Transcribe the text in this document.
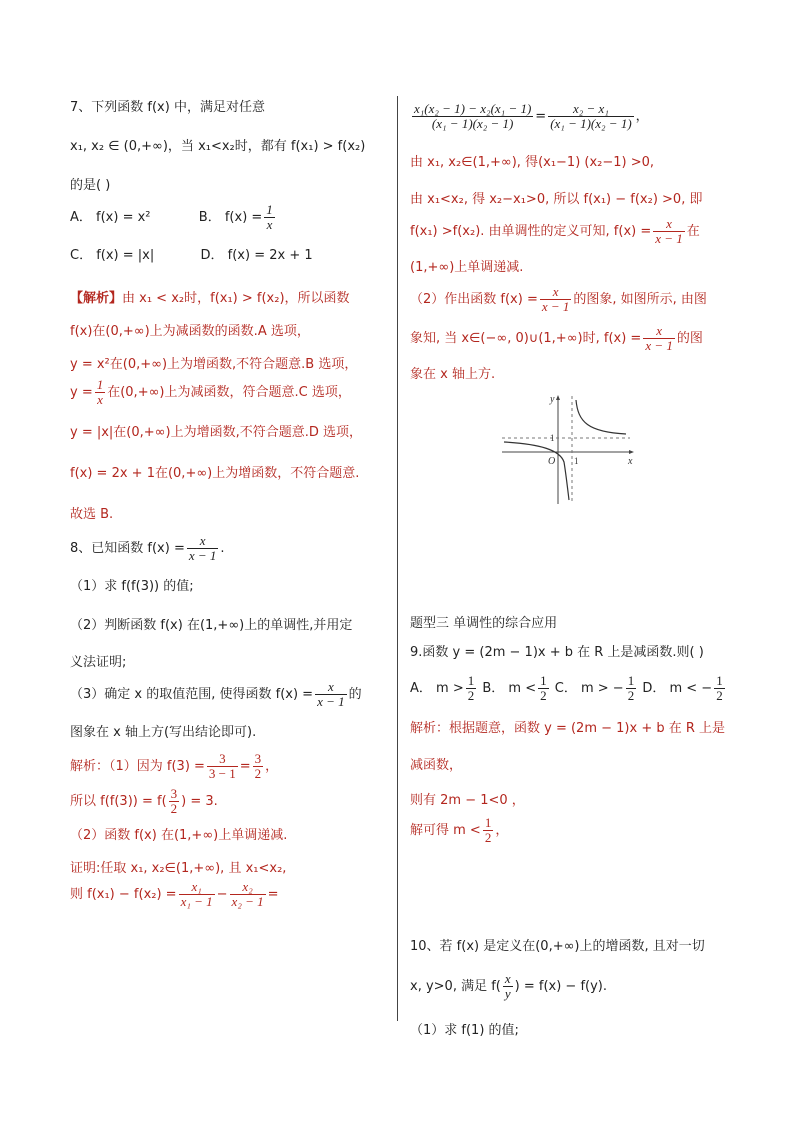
7、下列函数 f(x) 中，满足对任意
x₁, x₂ ∈ (0,+∞)，当 x₁<x₂时，都有 f(x₁) > f(x₂)
的是( )
A． f(x) = x²	B． $f(x) = \frac{1}{x}$
C． f(x) = |x|	D． f(x) = 2x + 1
【解析】由 x₁ < x₂时，f(x₁) > f(x₂)，所以函数
f(x)在(0,+∞)上为减函数的函数.A 选项，
y = x²在(0,+∞)上为增函数,不符合题意.B 选项，
$y = \frac{1}{x}$ 在(0,+∞)上为减函数，符合题意.C 选项，
y = |x|在(0,+∞)上为增函数,不符合题意.D 选项，
f(x) = 2x + 1在(0,+∞)上为增函数，不符合题意.
故选 B.
8、已知函数 $f(x) = \frac{x}{x - 1}$ .
（1）求 f(f(3)) 的值;
（2）判断函数 f(x) 在(1,+∞)上的单调性,并用定
义法证明;
（3）确定 x 的取值范围, 使得函数 $f(x) = \frac{x}{x - 1}$ 的
图象在 x 轴上方(写出结论即可).
解析：（1）因为 $f(3) = \frac{3}{3 - 1} = \frac{3}{2}$ ，
所以 $f(f(3)) = f( \frac{3}{2}$ ) = 3.
（2）函数 f(x) 在(1,+∞)上单调递减.
证明:任取 x₁, x₂∈(1,+∞), 且 x₁<x₂,
则 $f(x_1) - f(x_2) = \frac{\text{x₁}}{\text{x₁ − 1}} - \frac{\text{x₂}}{\text{x₂ − 1}}$ =
$\frac{\text{x₁(x₂ − 1) − x₂(x₁ − 1)}}{\text{(x₁ − 1)(x₂ − 1)}} = \frac{\text{x₂ − x₁}}{\text{(x₁ − 1)(x₂ − 1)}}$ ，
由 x₁, x₂∈(1,+∞), 得(x₁−1) (x₂−1) >0,
由 x₁<x₂, 得 x₂−x₁>0, 所以 f(x₁) − f(x₂) >0, 即
f(x₁) >f(x₂). 由单调性的定义可知, $f(x) = \frac{x}{x - 1}$ 在
(1,+∞)上单调递减.
（2）作出函数 $f(x) = \frac{x}{x - 1}$ 的图象, 如图所示, 由图
象知, 当 x∈(−∞, 0)∪(1,+∞)时, $f(x) = \frac{x}{x - 1}$ 的图
象在 x 轴上方.
y
x
O 1
1
题型三 单调性的综合应用
9.函数 y = (2m − 1)x + b 在 R 上是减函数.则( )
A． $m > \frac{1}{2}$ B． $m < \frac{1}{2}$ C． m > − $\frac{1}{2}$ D． m < − $\frac{1}{2}$
解析：根据题意，函数 y = (2m − 1)x + b 在 R 上是
减函数，
则有 2m − 1<0 ，
解可得 $m < \frac{1}{2}$ ，
10、若 f(x) 是定义在(0,+∞)上的增函数, 且对一切
x, y>0, 满足 $f( \frac{x}{y}$ ) = f(x) − f(y).
（1）求 f(1) 的值;
